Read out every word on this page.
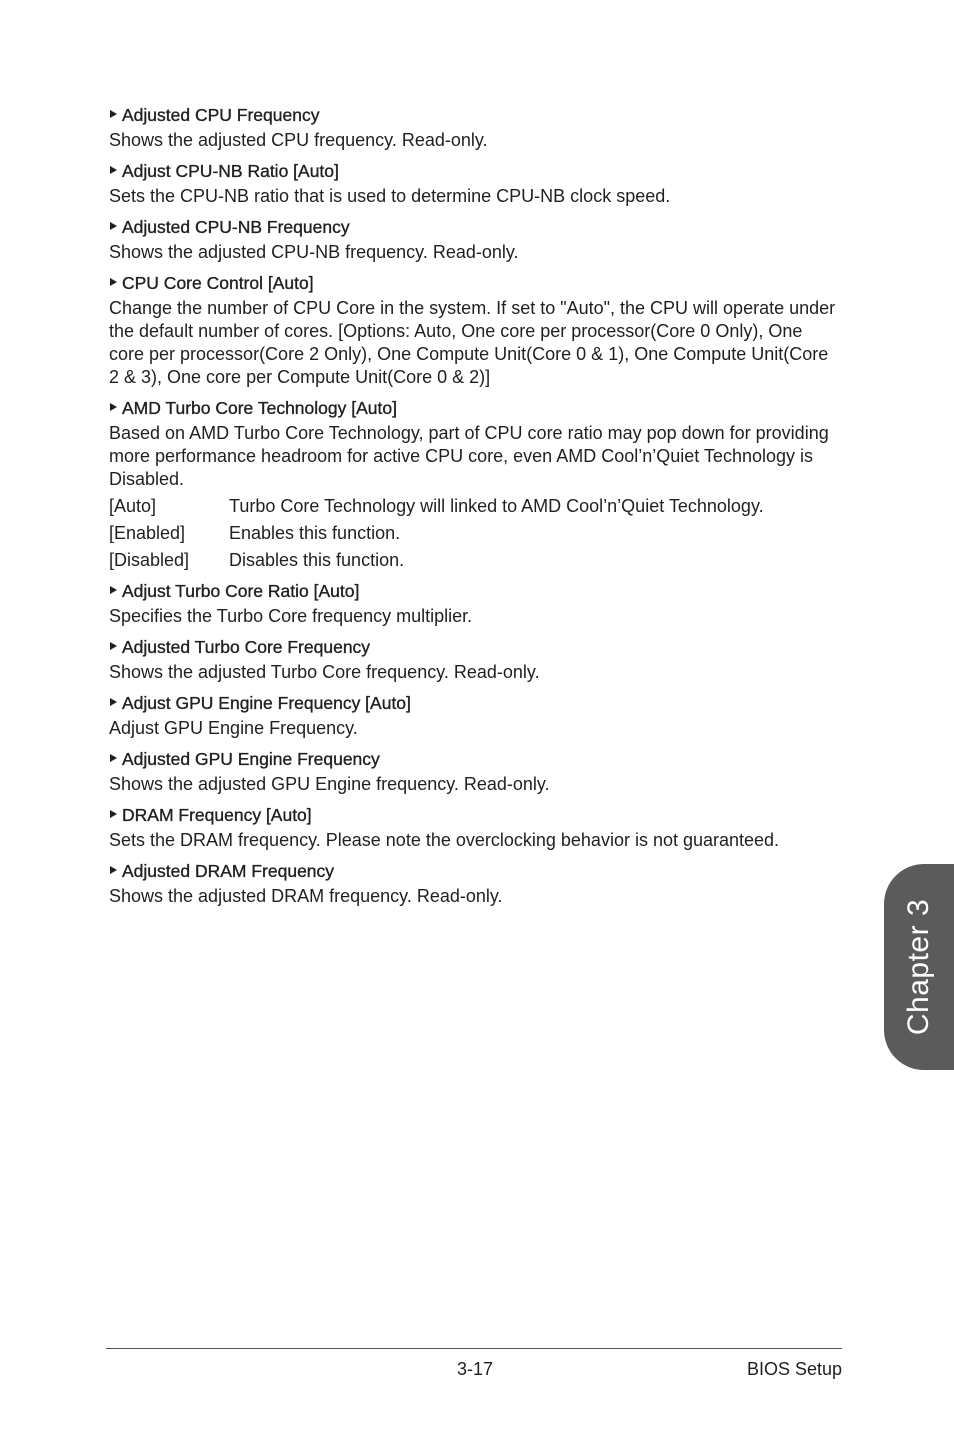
Adjusted CPU Frequency
Shows the adjusted CPU frequency. Read-only.
Adjust CPU-NB Ratio [Auto]
Sets the CPU-NB ratio that is used to determine CPU-NB clock speed.
Adjusted CPU-NB Frequency
Shows the adjusted CPU-NB frequency. Read-only.
CPU Core Control [Auto]
Change the number of CPU Core in the system. If set to "Auto", the CPU will operate under the default number of cores. [Options: Auto, One core per processor(Core 0 Only), One core per processor(Core 2 Only), One Compute Unit(Core 0 & 1), One Compute Unit(Core 2 & 3), One core per Compute Unit(Core 0 & 2)]
AMD Turbo Core Technology [Auto]
Based on AMD Turbo Core Technology, part of CPU core ratio may pop down for providing more performance headroom for active CPU core, even AMD Cool’n’Quiet Technology is Disabled.
[Auto]	Turbo Core Technology will linked to AMD Cool’n’Quiet Technology.
[Enabled]	Enables this function.
[Disabled]	Disables this function.
Adjust Turbo Core Ratio [Auto]
Specifies the Turbo Core frequency multiplier.
Adjusted Turbo Core Frequency
Shows the adjusted Turbo Core frequency. Read-only.
Adjust GPU Engine Frequency [Auto]
Adjust GPU Engine Frequency.
Adjusted GPU Engine Frequency
Shows the adjusted GPU Engine frequency. Read-only.
DRAM Frequency [Auto]
Sets the DRAM frequency. Please note the overclocking behavior is not guaranteed.
Adjusted DRAM Frequency
Shows the adjusted DRAM frequency. Read-only.
3-17	BIOS Setup
Chapter 3
